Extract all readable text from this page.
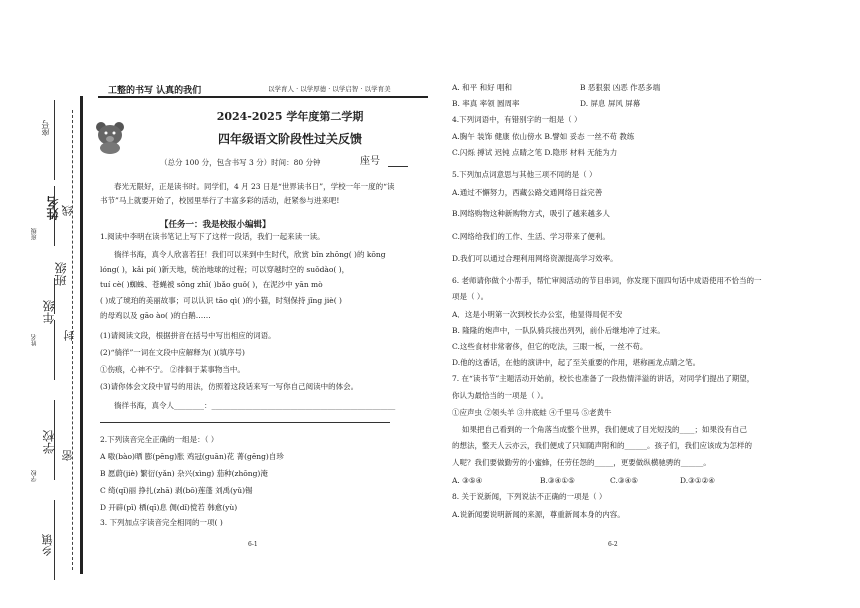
座号
姓名 线
班级
班级
年级
封
姓名
学校
密
学校
乡镇
工整的书写 认真的我们	以学育人 · 以学厚德 · 以学启智 · 以学育美
2024-2025 学年度第二学期
四年级语文阶段性过关反馈
（总分 100 分，包含书写 3 分）时间：80 分钟	座号
春光无限好，正是读书时。同学们，4 月 23 日是“世界读书日”，学校一年一度的“读
书节”马上就要开始了，校园里举行了丰富多彩的活动，赶紧参与进来吧!
【任务一：我是校报小编辑】
1.阅读中李明在读书笔记上写下了这样一段话，我们一起来读一读。
徜徉书海，真令人欣喜若狂！我们可以来到中生时代，欣赏 bǐn zhōng( )的 kōng
lóng( )，kǎi pí( )新天地，统治地球的过程；可以穿越时空的 suǒdào( )，
tuí cè( )蜘蛛、苍蝇被 sōng zhī( )bǎo guǒ( )，在泥沙中 yān mò
( )成了琥珀的美丽故事；可以认识 tāo qì( )的小猫，时刻保持 jǐng jiè( )
的母鸡以及 gāo ào( )的白鹅……
(1)请阅读文段，根据拼音在括号中写出相应的词语。
(2)“徜徉”一词在文段中应解释为( )(填序号)
①伤痕，心神不宁。 ②徘徊于某事物当中。
(3)请你体会文段中冒号的用法，仿照着这段话来写一写你自己阅读中的体会。
徜徉书海，真令人________：_________________________________________________
2.下列读音完全正确的一组是：（ ）
A 嗷(bào)晒 膨(pēng)胀 鸡冠(guān)花 菁(gēng)自珍
B 愿蔚(jiè) 繁衍(yǎn) 杂兴(xìng) 茄种(zhōng)淹
C 绮(qǐ)丽 挣扎(zhā) 剥(bō)莲蓬 刘禹(yǔ)锡
D 开辟(pǐ) 栖(qī)息 倜(dǐ)傥若 韩愈(yù)
3. 下列加点字读音完全相同的一项( )
6-1
A. 和平 和好 唱和	B 恶狠狠 凶恶 作恶多端
B. 率真 率领 圆周率	D. 屏息 屏风 屏幕
4.下列词语中，有错别字的一组是（ ）
A.胸午 装饰 健康 依山傍水 B.譬如 妥态 一丝不苟 教练
C.闪烁 搏试 迟钝 点睛之笔 D.隐形 材料 无能为力
5.下列加点词意思与其他三项不同的是（ ）
A.通过不懈努力，西藏公路交通网络日益完善
B.网络购物这种新购物方式，吸引了越来越多人
C.网络给我们的工作、生活、学习带来了便利。
D.我们可以通过合理利用网络资源提高学习效率。
6. 老师请你做个小帮手，帮忙审阅活动的节目串词，你发现下面四句话中成语使用不恰当的一
项是（ ）。
A．这是小明第一次到校长办公室，他显得局促不安
B. 隆隆的炮声中，一队队骑兵接出列列，前仆后继地冲了过来。
C.这些食材非常奢侈，但它的吃法，三眼一板，一丝不苟。
D.他的这番话，在他的演讲中，起了至关重要的作用，堪称画龙点睛之笔。
7. 在“读书节”主题活动开始前，校长也准备了一段热情洋溢的讲话，对同学们提出了期望，
你认为最恰当的一项是（ ）。
①应声虫 ②领头羊 ③井底蛙 ④千里马 ⑤老黄牛
如果把自己看到的一个角落当成整个世界，我们便成了目光短浅的____；如果没有自己
的想法，整天人云亦云，我们便成了只知随声附和的______。孩子们，我们应该成为怎样的
人呢？我们要做勤劳的小蜜蜂，任劳任怨的_____，更要做纵横驰骋的______。
A. ③⑤④	B.③④①⑤	C.③④⑤	D.③①②④
8. 关于说新闻，下列说法不正确的一项是（ ）
A.说新闻要说明新闻的来源，尊重新闻本身的内容。
6-2
